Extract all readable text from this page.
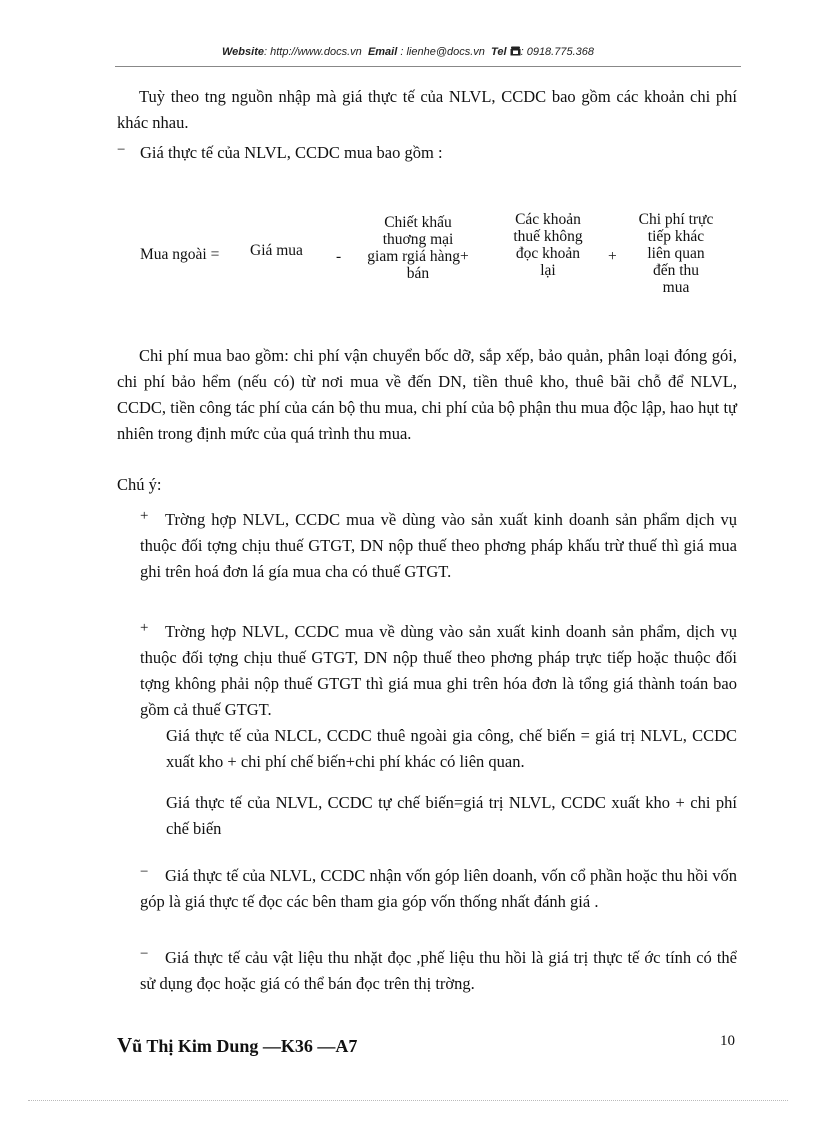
Website: http://www.docs.vn Email : lienhe@docs.vn Tel : 0918.775.368
Tuỳ theo tng nguồn nhập mà giá thực tế của NLVL, CCDC bao gồm các khoản chi phí khác nhau.
− Giá thực tế của NLVL, CCDC mua bao gồm :
Mua ngoài = Giá mua -
Chiết khấu
thuơng mại
giam rgiá hàng+
bán
Các khoản
thuế không
đọc khoản
lại
+
Chi phí trực
tiếp khác
liên quan
đến thu
mua
Chi phí mua bao gồm: chi phí vận chuyển bốc dỡ, sắp xếp, bảo quản, phân loại đóng gói, chi phí bảo hểm (nếu có) từ nơi mua về đến DN, tiền thuê kho, thuê bãi chỗ để NLVL, CCDC, tiền công tác phí của cán bộ thu mua, chi phí của bộ phận thu mua độc lập, hao hụt tự nhiên trong định mức của quá trình thu mua.
Chú ý:
+	Trờng hợp NLVL, CCDC mua về dùng vào sản xuất kinh doanh sản phẩm dịch vụ thuộc đối tợng chịu thuế GTGT, DN nộp thuế theo phơng pháp khấu trừ thuế thì giá mua ghi trên hoá đơn lá gía mua cha có thuế GTGT.
+	Trờng hợp NLVL, CCDC mua về dùng vào sản xuất kinh doanh sản phẩm, dịch vụ thuộc đối tợng chịu thuế GTGT, DN nộp thuế theo phơng pháp trực tiếp hoặc thuộc đối tợng không phải nộp thuế GTGT thì giá mua ghi trên hóa đơn là tổng giá thành toán bao gồm cả thuế GTGT.
Giá thực tế của NLCL, CCDC thuê ngoài gia công, chế biến = giá trị NLVL, CCDC xuất kho + chi phí chế biến+chi phí khác có liên quan.
Giá thực tế của NLVL, CCDC tự chế biến=giá trị NLVL, CCDC xuất kho + chi phí chế biến
−	Giá thực tế của NLVL, CCDC nhận vốn góp liên doanh, vốn cổ phần hoặc thu hồi vốn góp là giá thực tế đọc các bên tham gia góp vốn thống nhất đánh giá .
−	Giá thực tế cảu vật liệu thu nhặt đọc ,phế liệu thu hồi là giá trị thực tế ớc tính có thể sử dụng đọc hoặc giá có thể bán đọc trên thị trờng.
Vũ Thị Kim Dung —K36 —A7	10
